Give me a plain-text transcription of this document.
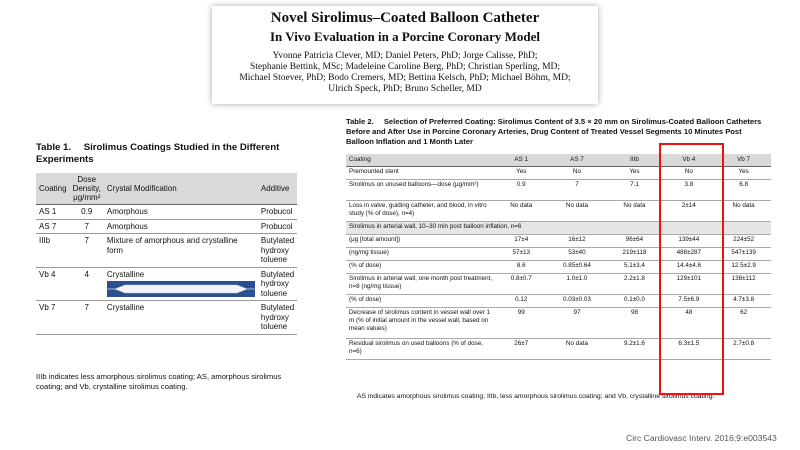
Novel Sirolimus–Coated Balloon Catheter
In Vivo Evaluation in a Porcine Coronary Model
Yvonne Patricia Clever, MD; Daniel Peters, PhD; Jorge Calisse, PhD;
Stephanie Bettink, MSc; Madeleine Caroline Berg, PhD; Christian Sperling, MD;
Michael Stoever, PhD; Bodo Cremers, MD; Bettina Kelsch, PhD; Michael Böhm, MD;
Ulrich Speck, PhD; Bruno Scheller, MD
Table 1. Sirolimus Coatings Studied in the Different Experiments
Coating	Dose Density, μg/mm²	Crystal Modification	Additive
AS 1	0.9	Amorphous	Probucol
AS 7	7	Amorphous	Probucol
IIIb	7	Mixture of amorphous and crystalline form	Butylated hydroxy toluene
Vb 4	4	Crystalline	Butylated hydroxy toluene
Vb 7	7	Crystalline	Butylated hydroxy toluene
IIIb indicates less amorphous sirolimus coating; AS, amorphous sirolimus coating; and Vb, crystalline sirolimus coating.
Table 2. Selection of Preferred Coating: Sirolimus Content of 3.5 × 20 mm on Sirolimus-Coated Balloon Catheters Before and After Use in Porcine Coronary Arteries, Drug Content of Treated Vessel Segments 10 Minutes Post Balloon Inflation and 1 Month Later
Coating	AS 1	AS 7	IIIb	Vb 4	Vb 7
Premounted stent	Yes	No	Yes	No	Yes
Sirolimus on unused balloons—dose (μg/mm²)	0.9	7	7.1	3.8	6.8
Loss in valve, guiding catheter, and blood, in vitro study (% of dose), n=4)	No data	No data	No data	2±14	No data
Sirolimus in arterial wall, 10–30 min post balloon inflation, n=6					
(μg [total amount])	17±4	16±12	96±64	139±44	224±52
(ng/mg tissue)	57±13	53±40	219±118	488±287	547±139
(% of dose)	8.6	0.85±0.64	5.1±3.4	14.4±4.6	12.5±2.9
Sirolimus in arterial wall, one month post treatment, n=8 (ng/mg tissue)	0.8±0.7	1.0±1.0	2.2±1.8	129±101	138±112
(% of dose)	0.12	0.03±0.03	0.1±0.0	7.5±6.9	4.7±3.8
Decrease of sirolimus content in vessel wall over 1 m (% of initial amount in the vessel wall, based on mean values)	99	97	98	48	62
Residual sirolimus on used balloons (% of dose, n=6)	26±7	No data	9.2±1.6	6.3±1.5	2.7±0.8
AS indicates amorphous sirolimus coating; IIIb, less amorphous sirolimus coating; and Vb, crystalline sirolimus coating.
Circ Cardiovasc Interv. 2016;9:e003543
